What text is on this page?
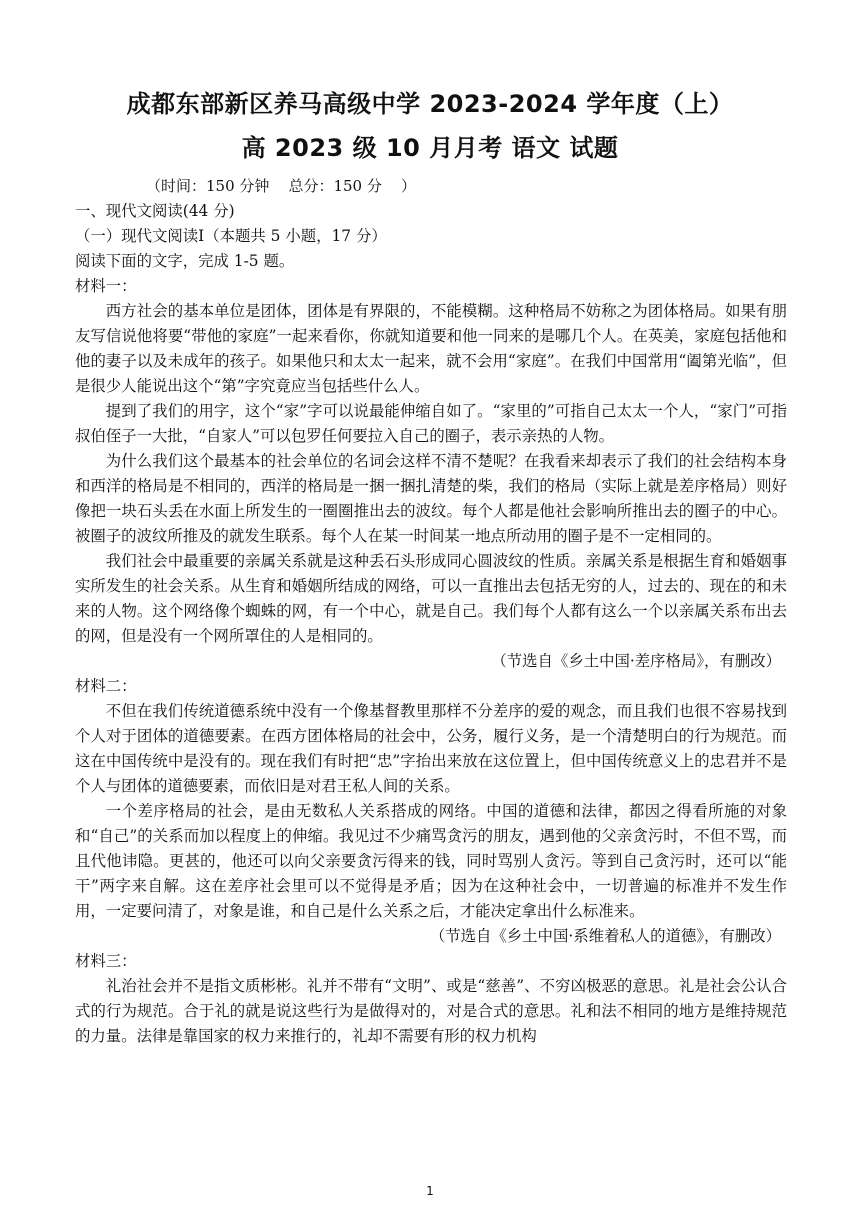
成都东部新区养马高级中学 2023-2024 学年度（上）
高 2023 级 10 月月考 语文 试题
（时间：150 分钟    总分：150 分    ）

一、现代文阅读(44 分)

（一）现代文阅读Ⅰ（本题共 5 小题，17 分）

阅读下面的文字，完成 1-5 题。

材料一：

西方社会的基本单位是团体，团体是有界限的，不能模糊。这种格局不妨称之为团体格局。如果有朋友写信说他将要“带他的家庭”一起来看你，你就知道要和他一同来的是哪几个人。在英美，家庭包括他和他的妻子以及未成年的孩子。如果他只和太太一起来，就不会用“家庭”。在我们中国常用“阖第光临”，但是很少人能说出这个“第”字究竟应当包括些什么人。

提到了我们的用字，这个“家”字可以说最能伸缩自如了。“家里的”可指自己太太一个人，“家门”可指叔伯侄子一大批，“自家人”可以包罗任何要拉入自己的圈子，表示亲热的人物。

为什么我们这个最基本的社会单位的名词会这样不清不楚呢？在我看来却表示了我们的社会结构本身和西洋的格局是不相同的，西洋的格局是一捆一捆扎清楚的柴，我们的格局（实际上就是差序格局）则好像把一块石头丢在水面上所发生的一圈圈推出去的波纹。每个人都是他社会影响所推出去的圈子的中心。被圈子的波纹所推及的就发生联系。每个人在某一时间某一地点所动用的圈子是不一定相同的。

我们社会中最重要的亲属关系就是这种丢石头形成同心圆波纹的性质。亲属关系是根据生育和婚姻事实所发生的社会关系。从生育和婚姻所结成的网络，可以一直推出去包括无穷的人，过去的、现在的和未来的人物。这个网络像个蜘蛛的网，有一个中心，就是自己。我们每个人都有这么一个以亲属关系布出去的网，但是没有一个网所罩住的人是相同的。

（节选自《乡土中国·差序格局》，有删改）

材料二：

不但在我们传统道德系统中没有一个像基督教里那样不分差序的爱的观念，而且我们也很不容易找到个人对于团体的道德要素。在西方团体格局的社会中，公务，履行义务，是一个清楚明白的行为规范。而这在中国传统中是没有的。现在我们有时把“忠”字抬出来放在这位置上，但中国传统意义上的忠君并不是个人与团体的道德要素，而依旧是对君王私人间的关系。

一个差序格局的社会，是由无数私人关系搭成的网络。中国的道德和法律，都因之得看所施的对象和“自己”的关系而加以程度上的伸缩。我见过不少痛骂贪污的朋友，遇到他的父亲贪污时，不但不骂，而且代他讳隐。更甚的，他还可以向父亲要贪污得来的钱，同时骂别人贪污。等到自己贪污时，还可以“能干”两字来自解。这在差序社会里可以不觉得是矛盾；因为在这种社会中，一切普遍的标准并不发生作用，一定要问清了，对象是谁，和自己是什么关系之后，才能决定拿出什么标准来。

（节选自《乡土中国·系维着私人的道德》，有删改）

材料三：

礼治社会并不是指文质彬彬。礼并不带有“文明”、或是“慈善”、不穷凶极恶的意思。礼是社会公认合式的行为规范。合于礼的就是说这些行为是做得对的，对是合式的意思。礼和法不相同的地方是维持规范的力量。法律是靠国家的权力来推行的，礼却不需要有形的权力机构

1
